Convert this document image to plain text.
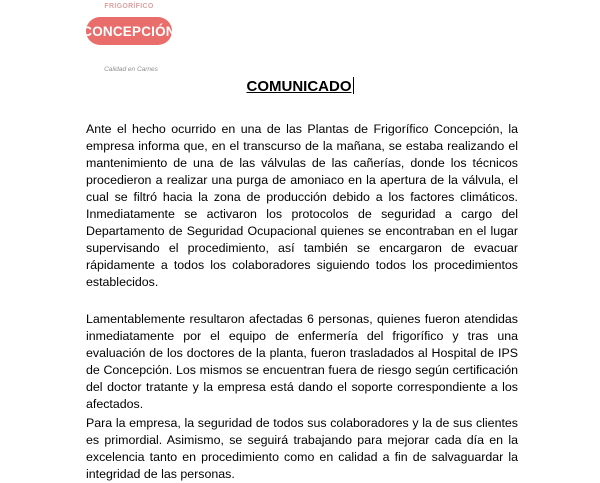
FRIGORÍFICO
CONCEPCIÓN
Calidad en Carnes
COMUNICADO
Ante el hecho ocurrido en una de las Plantas de Frigorífico Concepción, la empresa informa que, en el transcurso de la mañana, se estaba realizando el mantenimiento de una de las válvulas de las cañerías, donde los técnicos procedieron a realizar una purga de amoniaco en la apertura de la válvula, el cual se filtró hacia la zona de producción debido a los factores climáticos. Inmediatamente se activaron los protocolos de seguridad a cargo del Departamento de Seguridad Ocupacional quienes se encontraban en el lugar supervisando el procedimiento, así también se encargaron de evacuar rápidamente a todos los colaboradores siguiendo todos los procedimientos establecidos.
Lamentablemente resultaron afectadas 6 personas, quienes fueron atendidas inmediatamente por el equipo de enfermería del frigorífico y tras una evaluación de los doctores de la planta, fueron trasladados al Hospital de IPS de Concepción. Los mismos se encuentran fuera de riesgo según certificación del doctor tratante y la empresa está dando el soporte correspondiente a los afectados.
Para la empresa, la seguridad de todos sus colaboradores y la de sus clientes es primordial. Asimismo, se seguirá trabajando para mejorar cada día en la excelencia tanto en procedimiento como en calidad a fin de salvaguardar la integridad de las personas.
